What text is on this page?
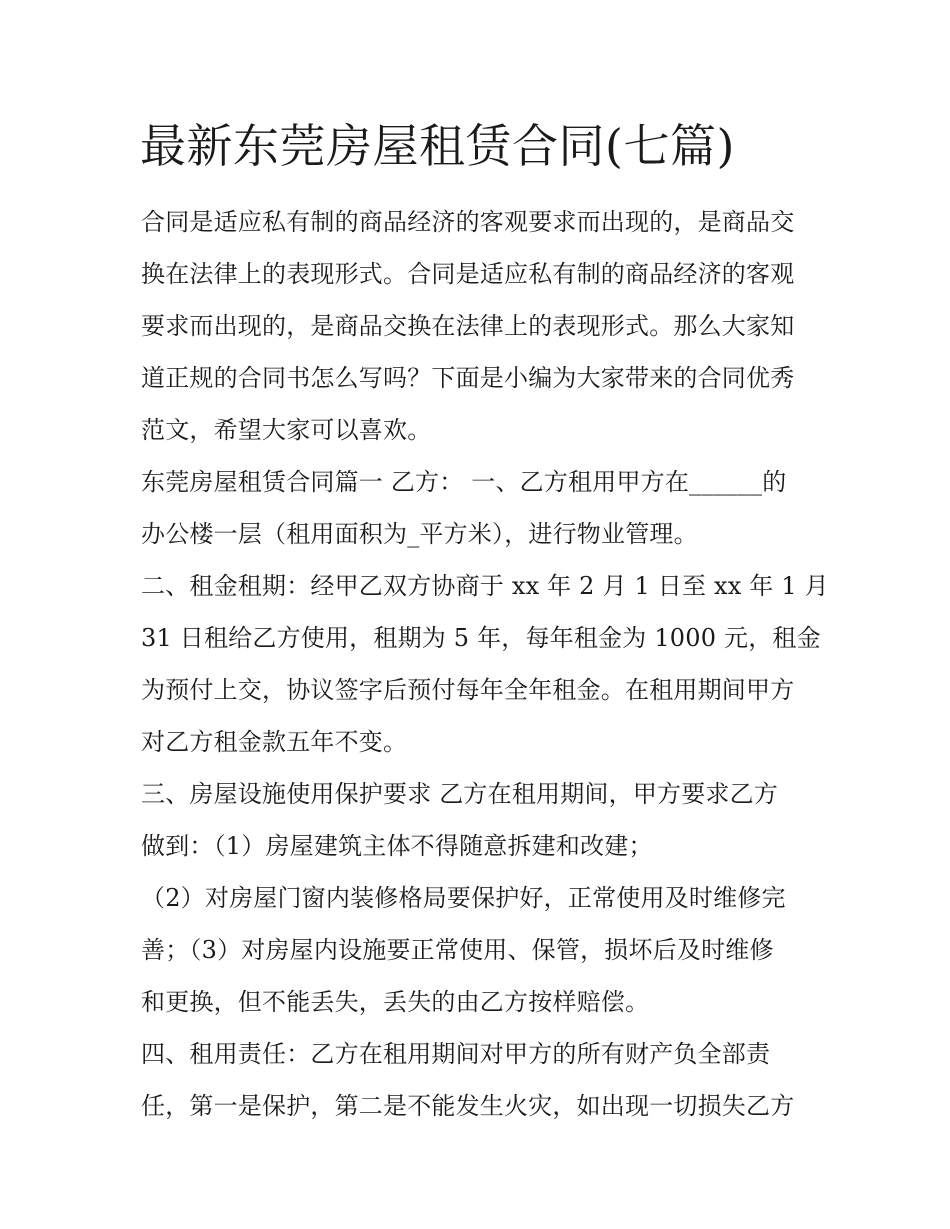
最新东莞房屋租赁合同(七篇)
合同是适应私有制的商品经济的客观要求而出现的，是商品交
换在法律上的表现形式。合同是适应私有制的商品经济的客观
要求而出现的，是商品交换在法律上的表现形式。那么大家知
道正规的合同书怎么写吗？下面是小编为大家带来的合同优秀
范文，希望大家可以喜欢。
东莞房屋租赁合同篇一 乙方： 一、乙方租用甲方在______的
办公楼一层（租用面积为_平方米），进行物业管理。
二、租金租期：经甲乙双方协商于 xx 年 2 月 1 日至 xx 年 1 月
31 日租给乙方使用，租期为 5 年，每年租金为 1000 元，租金
为预付上交，协议签字后预付每年全年租金。在租用期间甲方
对乙方租金款五年不变。
三、房屋设施使用保护要求 乙方在租用期间，甲方要求乙方
做到：（1）房屋建筑主体不得随意拆建和改建；
（2）对房屋门窗内装修格局要保护好，正常使用及时维修完
善；（3）对房屋内设施要正常使用、保管，损坏后及时维修
和更换，但不能丢失，丢失的由乙方按样赔偿。
四、租用责任：乙方在租用期间对甲方的所有财产负全部责
任，第一是保护，第二是不能发生火灾，如出现一切损失乙方
